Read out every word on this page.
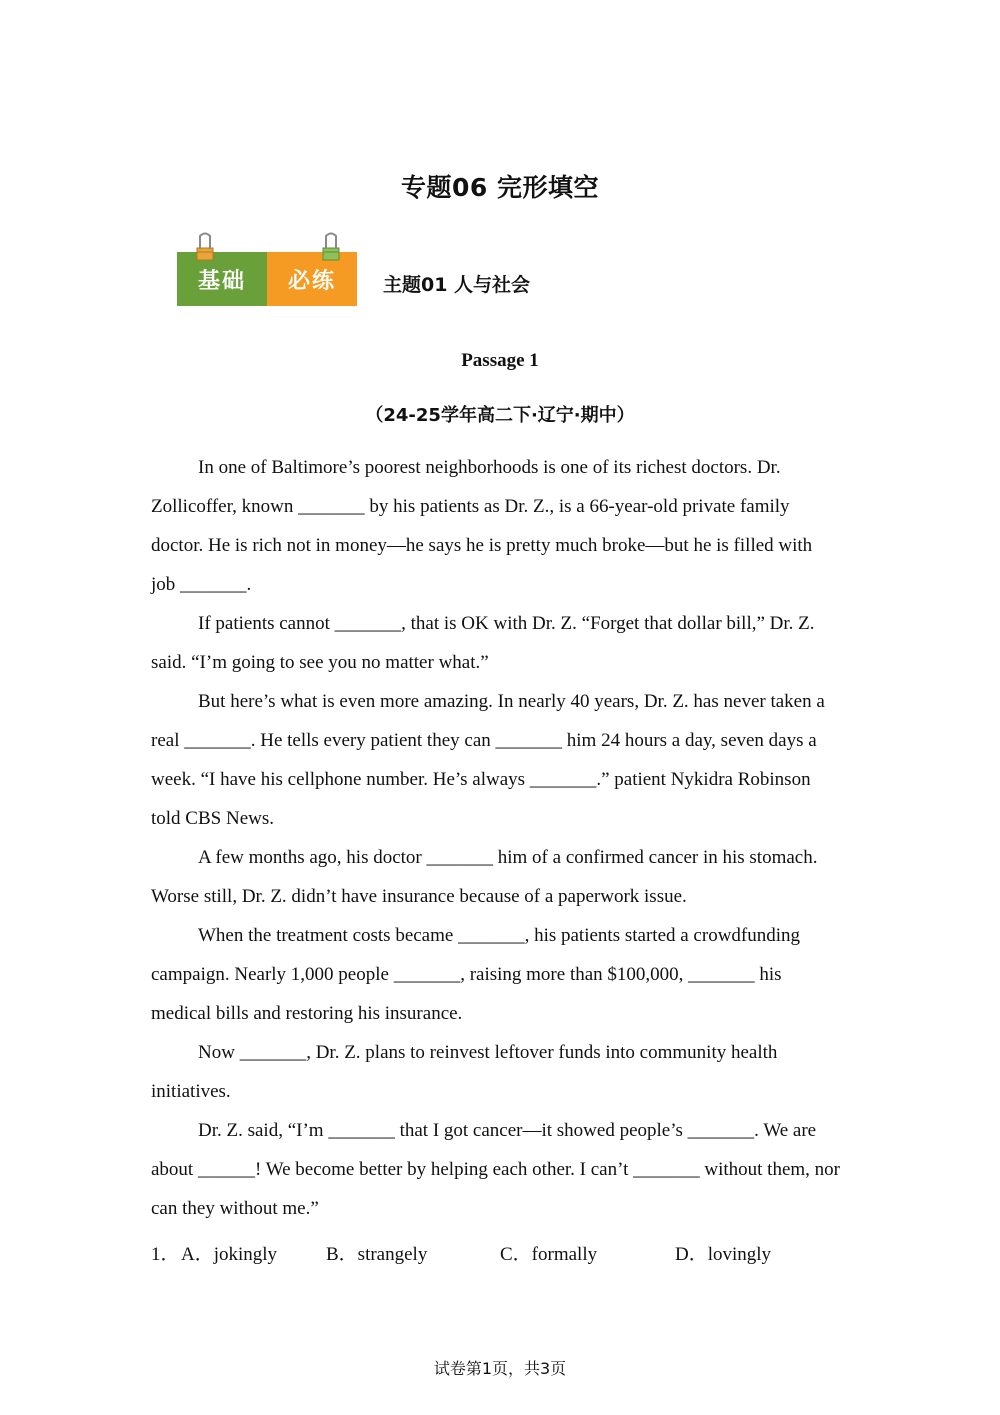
专题06 完形填空
基础	必练	主题01 人与社会
Passage 1
（24-25学年高二下·辽宁·期中）

In one of Baltimore’s poorest neighborhoods is one of its richest doctors. Dr. Zollicoffer, known _______ by his patients as Dr. Z., is a 66-year-old private family doctor. He is rich not in money—he says he is pretty much broke—but he is filled with job _______.

If patients cannot _______, that is OK with Dr. Z. “Forget that dollar bill,” Dr. Z. said. “I’m going to see you no matter what.”

But here’s what is even more amazing. In nearly 40 years, Dr. Z. has never taken a real _______. He tells every patient they can _______ him 24 hours a day, seven days a week. “I have his cellphone number. He’s always _______.” patient Nykidra Robinson told CBS News.

A few months ago, his doctor _______ him of a confirmed cancer in his stomach. Worse still, Dr. Z. didn’t have insurance because of a paperwork issue.

When the treatment costs became _______, his patients started a crowdfunding campaign. Nearly 1,000 people _______, raising more than $100,000, _______ his medical bills and restoring his insurance.

Now _______, Dr. Z. plans to reinvest leftover funds into community health initiatives.

Dr. Z. said, “I’m _______ that I got cancer—it showed people’s _______. We are about ______! We become better by helping each other. I can’t _______ without them, nor can they without me.”

1．A．jokingly	B．strangely	C．formally	D．lovingly
试卷第1页，共3页
